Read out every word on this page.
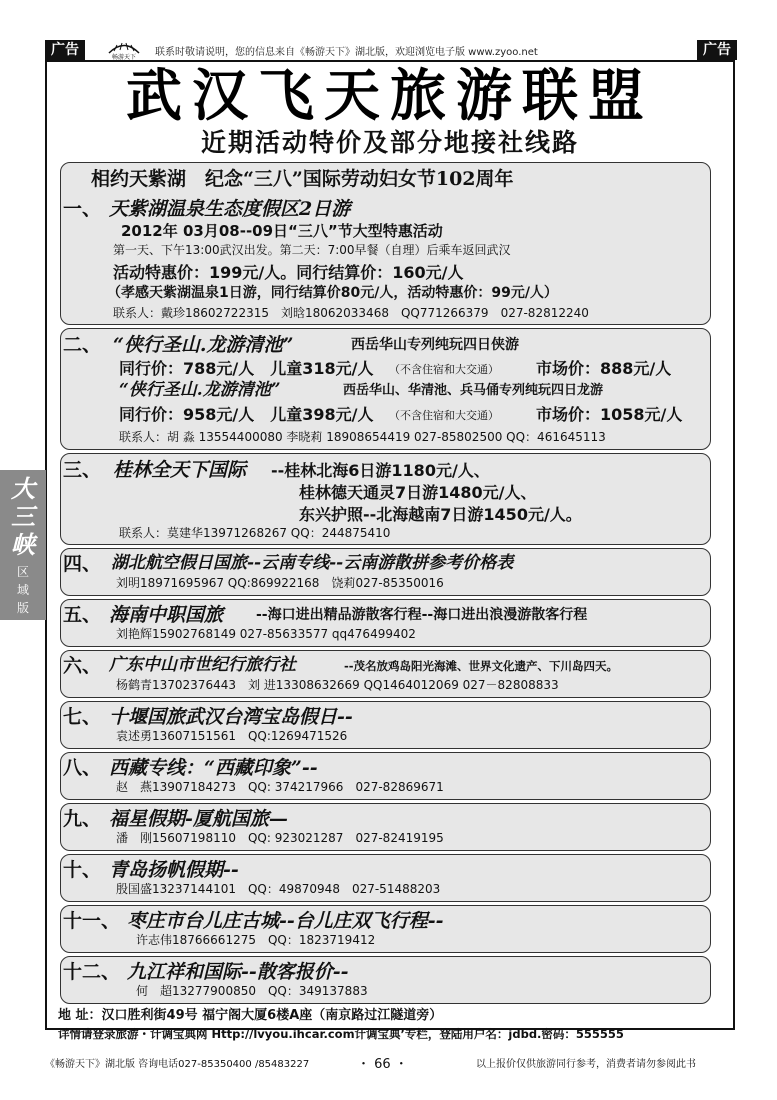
广告	畅游天下 联系时敬请说明，您的信息来自《畅游天下》湖北版，欢迎浏览电子版 www.zyoo.net	广告
武汉飞天旅游联盟
近期活动特价及部分地接社线路
相约天紫湖　纪念“三八”国际劳动妇女节102周年
一、 天紫湖温泉生态度假区2日游
2012年 03月08--09日“三八”节大型特惠活动
第一天、下午13:00武汉出发。第二天：7:00早餐（自理）后乘车返回武汉
活动特惠价：199元/人。同行结算价：160元/人
（孝感天紫湖温泉1日游，同行结算价80元/人，活动特惠价：99元/人）
联系人：戴珍18602722315　刘晗18062033468　QQ771266379　027-82812240
二、 “侠行圣山.龙游清池”	西岳华山专列纯玩四日侠游
同行价：788元/人　儿童318元/人 （不含住宿和大交通） 市场价：888元/人
“侠行圣山.龙游清池”	西岳华山、华清池、兵马俑专列纯玩四日龙游
同行价：958元/人　儿童398元/人 （不含住宿和大交通） 市场价：1058元/人
联系人：胡 淼 13554400080 李晓莉 18908654419 027-85802500 QQ：461645113
三、 桂林全天下国际 --桂林北海6日游1180元/人、
桂林德天通灵7日游1480元/人、
东兴护照--北海越南7日游1450元/人。
联系人：莫建华13971268267 QQ：244875410
四、 湖北航空假日国旅--云南专线--云南游散拼参考价格表
刘明18971695967 QQ:869922168　饶莉027-85350016
五、 海南中职国旅 --海口进出精品游散客行程--海口进出浪漫游散客行程
刘艳辉15902768149 027-85633577 qq476499402
六、 广东中山市世纪行旅行社	--茂名放鸡岛阳光海滩、世界文化遗产、下川岛四天。
杨鹤青13702376443　刘 进13308632669 QQ1464012069 027－82808833
七、 十堰国旅武汉台湾宝岛假日--
袁述勇13607151561　QQ:1269471526
八、 西藏专线：“西藏印象”--
赵　燕13907184273　QQ: 374217966　027-82869671
九、 福星假期-厦航国旅—
潘　刚15607198110　QQ: 923021287　027-82419195
十、 青岛扬帆假期--
殷国盛13237144101　QQ：49870948　027-51488203
十一、 枣庄市台儿庄古城--台儿庄双飞行程--
许志伟18766661275　QQ：1823719412
十二、 九江祥和国际--散客报价--
何　超13277900850　QQ：349137883
地 址：汉口胜利街49号 福宁阁大厦6楼A座（南京路过江隧道旁）
详情请登录旅游・计调宝典网 Http://lvyou.ihcar.com计调宝典’专栏，登陆用户名：jdbd.密码：555555
大
三
峡
区
域
版
《畅游天下》湖北版 咨询电话027-85350400 /85483227	・ 66 ・	以上报价仅供旅游同行参考，消费者请勿参阅此书
